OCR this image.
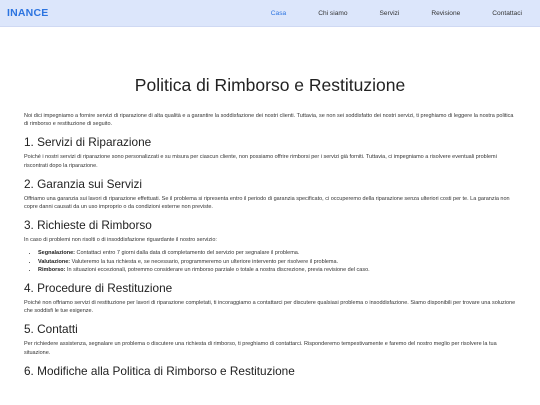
INANCE	Casa	Chi siamo	Servizi	Revisione	Contattaci
Politica di Rimborso e Restituzione

Noi dici impegniamo a fornire servizi di riparazione di alta qualità e a garantire la soddisfazione dei nostri clienti. Tuttavia, se non sei soddisfatto dei nostri servizi, ti preghiamo di leggere la nostra politica di rimborso e restituzione di seguito.

1. Servizi di Riparazione

Poiché i nostri servizi di riparazione sono personalizzati e su misura per ciascun cliente, non possiamo offrire rimborsi per i servizi già forniti. Tuttavia, ci impegniamo a risolvere eventuali problemi riscontrati dopo la riparazione.

2. Garanzia sui Servizi

Offriamo una garanzia sui lavori di riparazione effettuati. Se il problema si ripresenta entro il periodo di garanzia specificato, ci occuperemo della riparazione senza ulteriori costi per te. La garanzia non copre danni causati da un uso improprio o da condizioni esterne non previste.

3. Richieste di Rimborso

In caso di problemi non risolti o di insoddisfazione riguardante il nostro servizio:

• Segnalazione: Contattaci entro 7 giorni dalla data di completamento del servizio per segnalare il problema.
• Valutazione: Valuteremo la tua richiesta e, se necessario, programmeremo un ulteriore intervento per risolvere il problema.
• Rimborso: In situazioni eccezionali, potremmo considerare un rimborso parziale o totale a nostra discrezione, previa revisione del caso.
4. Procedure di Restituzione

Poiché non offriamo servizi di restituzione per lavori di riparazione completati, ti incoraggiamo a contattarci per discutere qualsiasi problema o insoddisfazione. Siamo disponibili per trovare una soluzione che soddisfi le tue esigenze.

5. Contatti

Per richiedere assistenza, segnalare un problema o discutere una richiesta di rimborso, ti preghiamo di contattarci. Risponderemo tempestivamente e faremo del nostro meglio per risolvere la tua situazione.

6. Modifiche alla Politica di Rimborso e Restituzione
